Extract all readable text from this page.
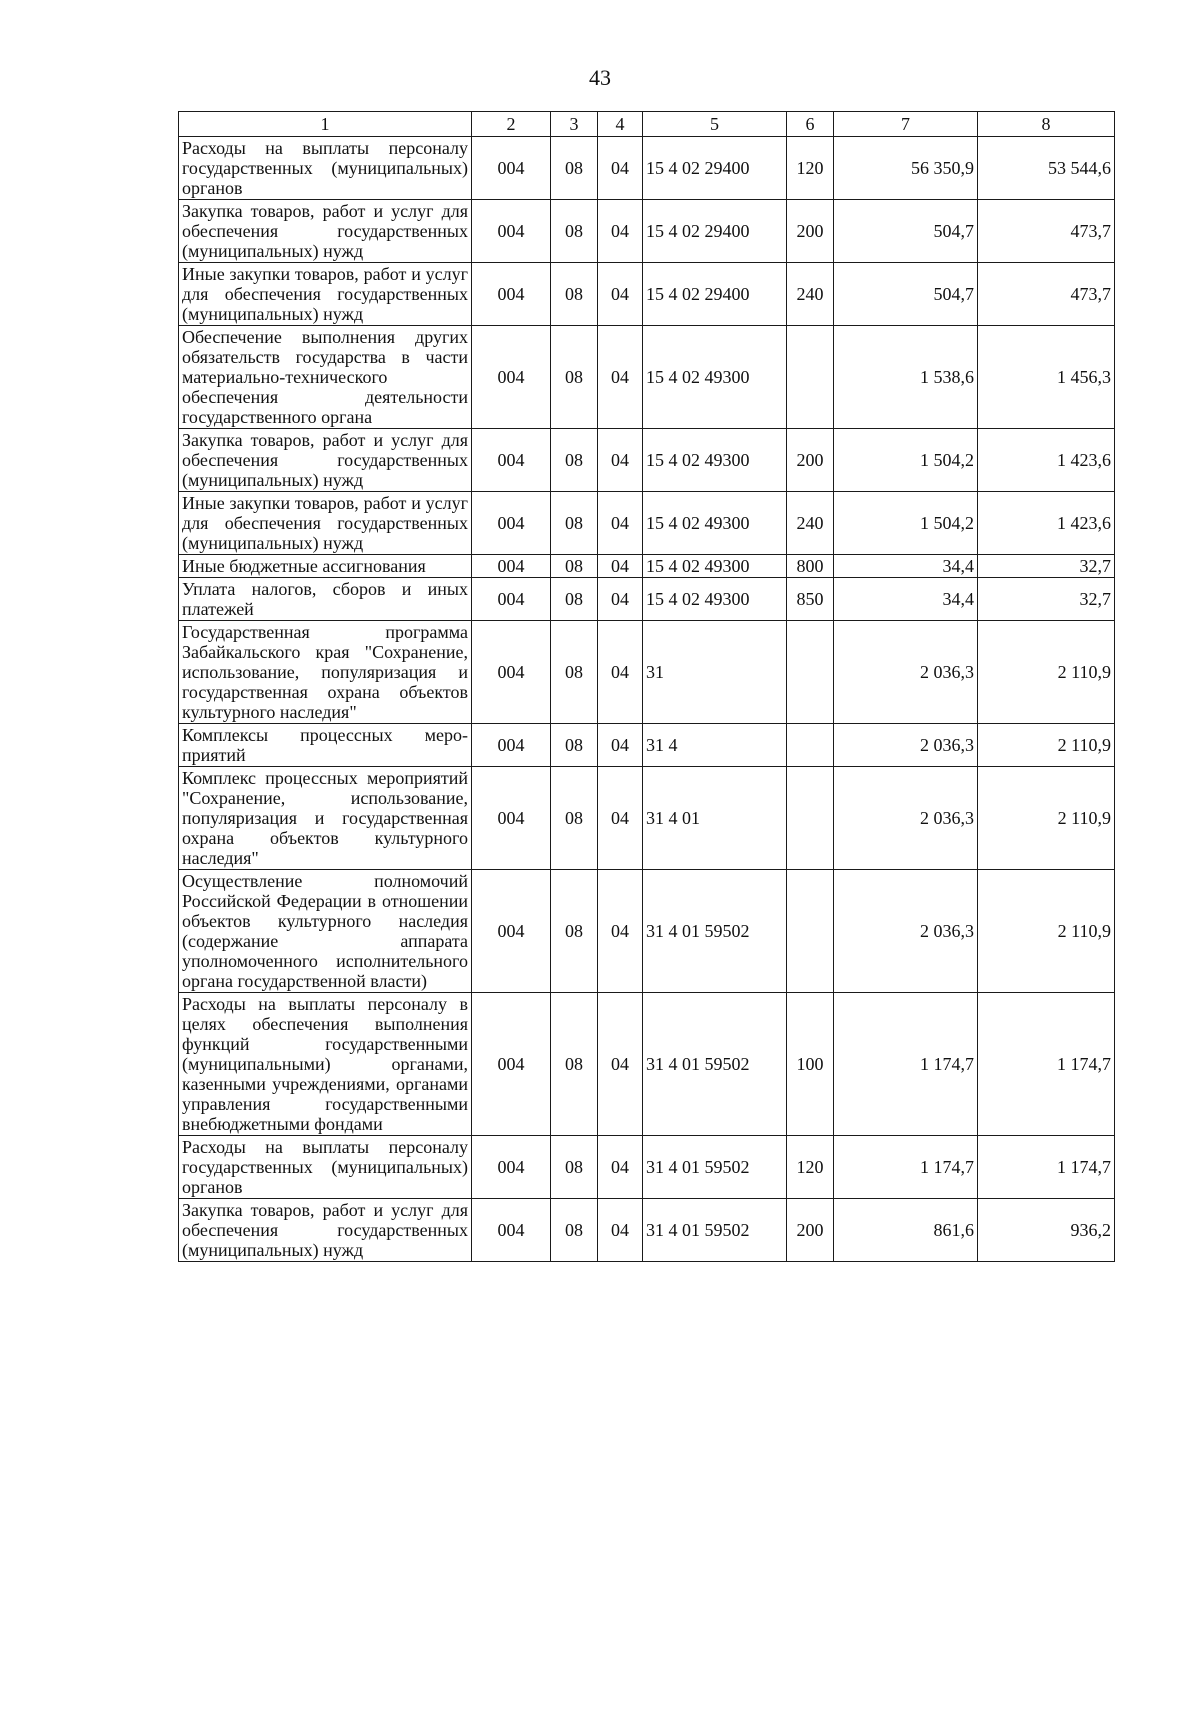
43
1	2	3	4	5	6	7	8
Расходы на выплаты персоналу государственных (муниципальных) органов	004	08	04	15 4 02 29400	120	56 350,9	53 544,6
Закупка товаров, работ и услуг для обеспечения государственных (муниципальных) нужд	004	08	04	15 4 02 29400	200	504,7	473,7
Иные закупки товаров, работ и услуг для обеспечения государственных (муниципальных) нужд	004	08	04	15 4 02 29400	240	504,7	473,7
Обеспечение выполнения других обязательств государства в части материально-технического обеспечения деятельности государственного органа	004	08	04	15 4 02 49300		1 538,6	1 456,3
Закупка товаров, работ и услуг для обеспечения государственных (муниципальных) нужд	004	08	04	15 4 02 49300	200	1 504,2	1 423,6
Иные закупки товаров, работ и услуг для обеспечения государственных (муниципальных) нужд	004	08	04	15 4 02 49300	240	1 504,2	1 423,6
Иные бюджетные ассигнования	004	08	04	15 4 02 49300	800	34,4	32,7
Уплата налогов, сборов и иных платежей	004	08	04	15 4 02 49300	850	34,4	32,7
Государственная программа Забайкальского края "Сохранение, использование, популяризация и государственная охрана объектов культурного наследия"	004	08	04	31		2 036,3	2 110,9
Комплексы процессных мероприятий	004	08	04	31 4		2 036,3	2 110,9
Комплекс процессных мероприятий "Сохранение, использование, популяризация и государственная охрана объектов культурного наследия"	004	08	04	31 4 01		2 036,3	2 110,9
Осуществление полномочий Российской Федерации в отношении объектов культурного наследия (содержание аппарата уполномоченного исполнительного органа государственной власти)	004	08	04	31 4 01 59502		2 036,3	2 110,9
Расходы на выплаты персоналу в целях обеспечения выполнения функций государственными (муниципальными) органами, казенными учреждениями, органами управления государственными внебюджетными фондами	004	08	04	31 4 01 59502	100	1 174,7	1 174,7
Расходы на выплаты персоналу государственных (муниципальных) органов	004	08	04	31 4 01 59502	120	1 174,7	1 174,7
Закупка товаров, работ и услуг для обеспечения государственных (муниципальных) нужд	004	08	04	31 4 01 59502	200	861,6	936,2
